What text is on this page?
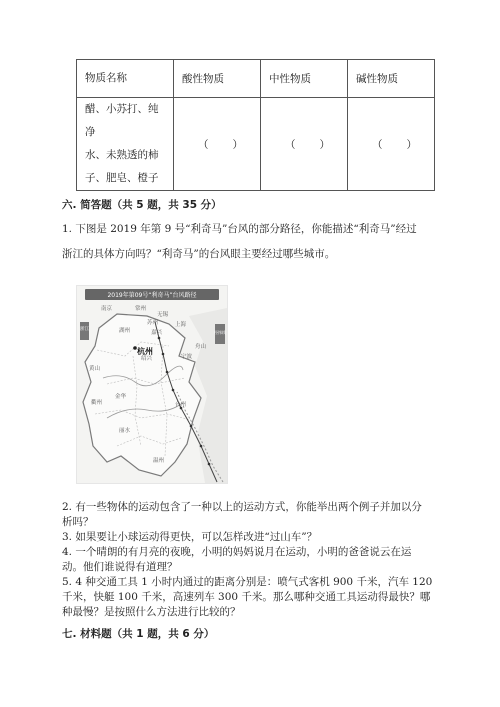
物质名称	酸性物质	中性物质	碱性物质

醋、小苏打、纯净
水、未熟透的柿
子、肥皂、橙子	（　　）	（　　）	（　　）
六. 简答题（共 5 题，共 35 分）
1. 下图是 2019 年第 9 号“利奇马”台风的部分路径，你能描述“利奇马”经过
浙江的具体方向吗？“利奇马”的台风眼主要经过哪些城市。
2019年第09号“利奇马”台风路径
浙江
经纬线
南京	常州
无锡
苏州	上海
湖州	嘉兴
绍兴	宁波
舟山
黄山
金华
衢州	台州
丽水
温州
杭州
2. 有一些物体的运动包含了一种以上的运动方式，你能举出两个例子并加以分
析吗？
3. 如果要让小球运动得更快，可以怎样改进“过山车”？
4. 一个晴朗的有月亮的夜晚，小明的妈妈说月在运动，小明的爸爸说云在运
动。他们谁说得有道理？
5. 4 种交通工具 1 小时内通过的距离分别是：喷气式客机 900 千米，汽车 120
千米，快艇 100 千米，高速列车 300 千米。那么哪种交通工具运动得最快？哪
种最慢？是按照什么方法进行比较的？
七. 材料题（共 1 题，共 6 分）
